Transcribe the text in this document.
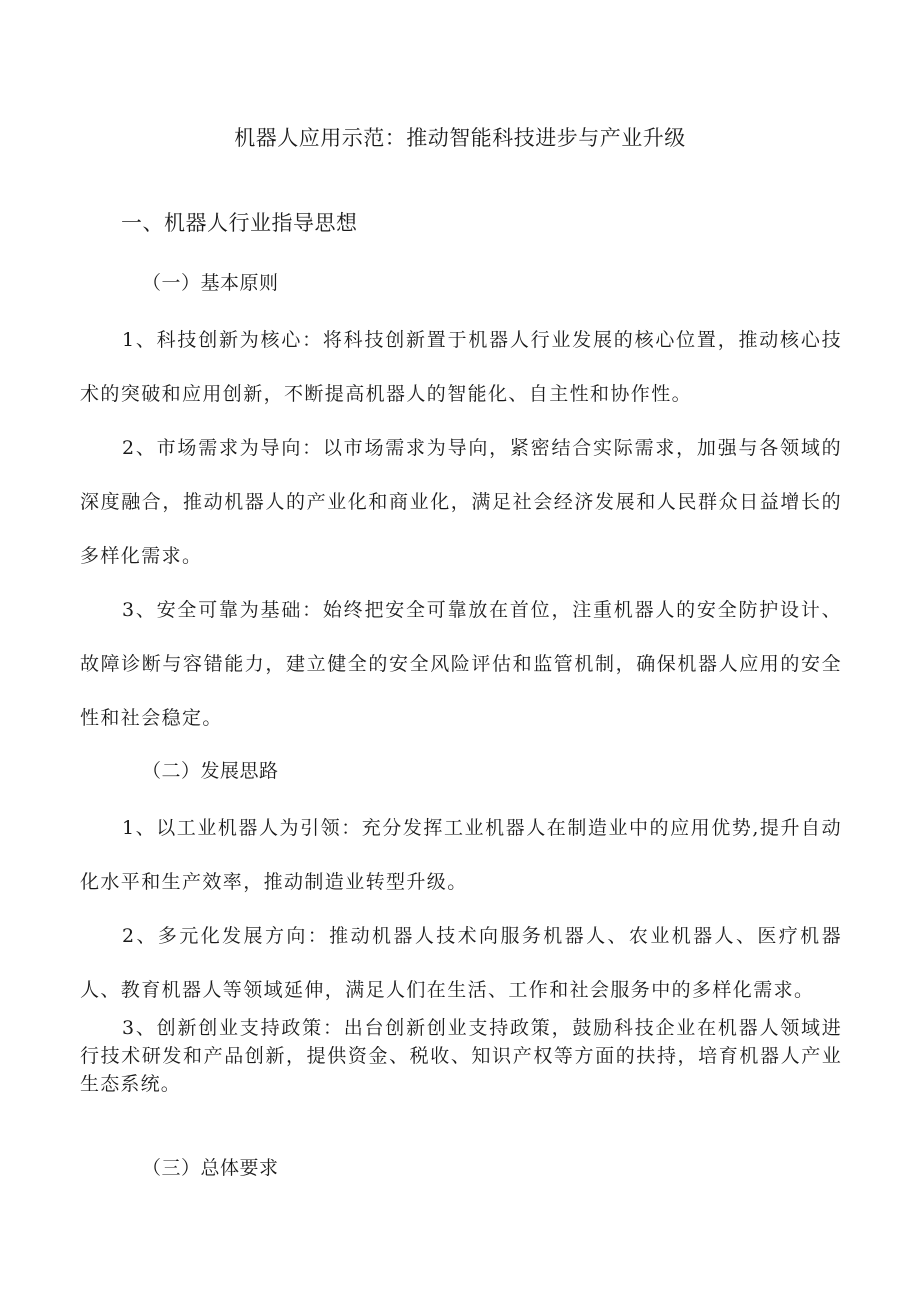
机器人应用示范：推动智能科技进步与产业升级
一、机器人行业指导思想
（一）基本原则

1、科技创新为核心：将科技创新置于机器人行业发展的核心位置，推动核心技术的突破和应用创新，不断提高机器人的智能化、自主性和协作性。

2、市场需求为导向：以市场需求为导向，紧密结合实际需求，加强与各领域的深度融合，推动机器人的产业化和商业化，满足社会经济发展和人民群众日益增长的多样化需求。

3、安全可靠为基础：始终把安全可靠放在首位，注重机器人的安全防护设计、故障诊断与容错能力，建立健全的安全风险评估和监管机制，确保机器人应用的安全性和社会稳定。

（二）发展思路

1、以工业机器人为引领：充分发挥工业机器人在制造业中的应用优势,提升自动化水平和生产效率，推动制造业转型升级。

2、多元化发展方向：推动机器人技术向服务机器人、农业机器人、医疗机器人、教育机器人等领域延伸，满足人们在生活、工作和社会服务中的多样化需求。

3、创新创业支持政策：出台创新创业支持政策，鼓励科技企业在机器人领域进行技术研发和产品创新，提供资金、税收、知识产权等方面的扶持，培育机器人产业生态系统。

（三）总体要求
